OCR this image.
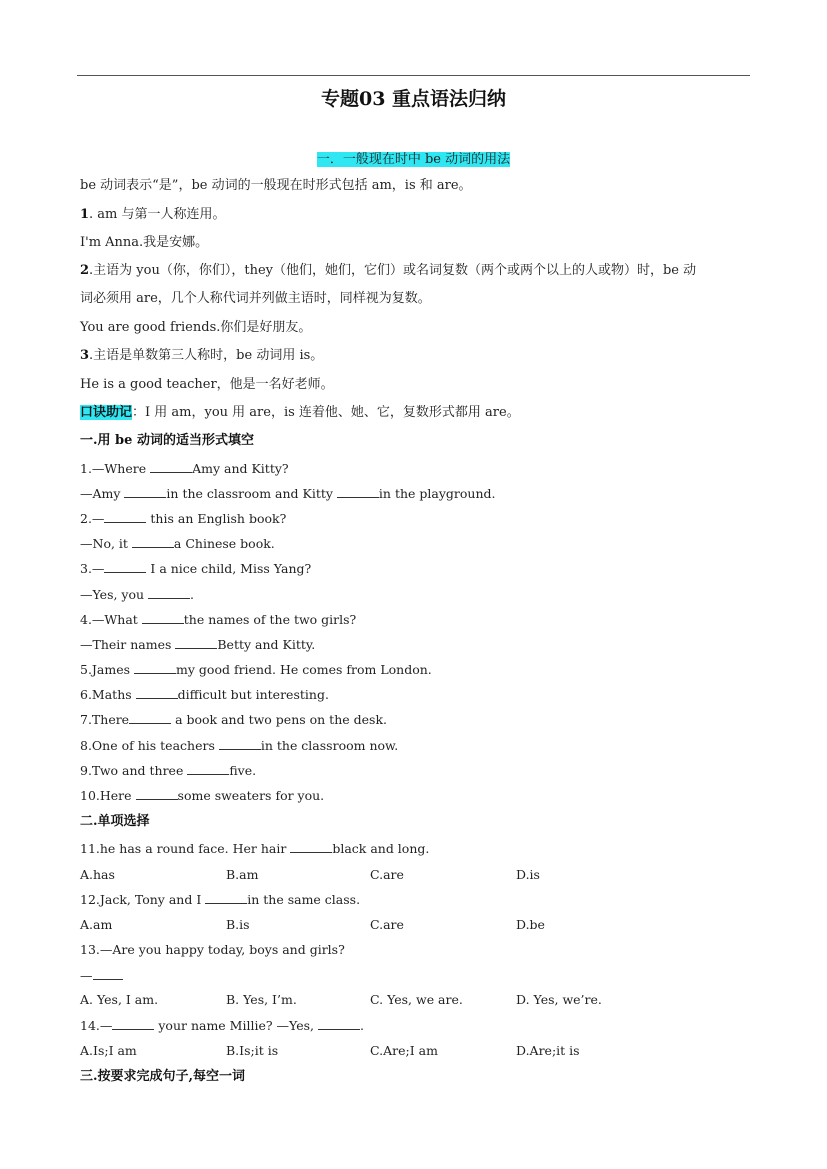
专题03 重点语法归纳
一．一般现在时中 be 动词的用法
be 动词表示“是”，be 动词的一般现在时形式包括 am，is 和 are。
1. am 与第一人称连用。
I'm Anna.我是安娜。
2.主语为 you（你，你们），they（他们，她们，它们）或名词复数（两个或两个以上的人或物）时，be 动
词必须用 are，几个人称代词并列做主语时，同样视为复数。
You are good friends.你们是好朋友。
3.主语是单数第三人称时，be 动词用 is。
He is a good teacher，他是一名好老师。
口诀助记：I 用 am，you 用 are，is 连着他、她、它，复数形式都用 are。
一.用 be 动词的适当形式填空
1.—Where	Amy and Kitty?
—Amy	in the classroom and Kitty	in the playground.
2.—	this an English book?
—No, it	a Chinese book.
3.—	I a nice child, Miss Yang?
—Yes, you	.
4.—What	the names of the two girls?
—Their names	Betty and Kitty.
5.James	my good friend. He comes from London.
6.Maths	difficult but interesting.
7.There	a book and two pens on the desk.
8.One of his teachers	in the classroom now.
9.Two and three	five.
10.Here	some sweaters for you.
二.单项选择
11.he has a round face. Her hair	black and long.
A.has	B.am	C.are	D.is
12.Jack, Tony and I	in the same class.
A.am	B.is	C.are	D.be
13.—Are you happy today, boys and girls?
—
A. Yes, I am.	B. Yes, I’m.	C. Yes, we are.	D. Yes, we’re.
14.—	your name Millie? —Yes,	.
A.Is;I am	B.Is;it is	C.Are;I am	D.Are;it is
三.按要求完成句子,每空一词
